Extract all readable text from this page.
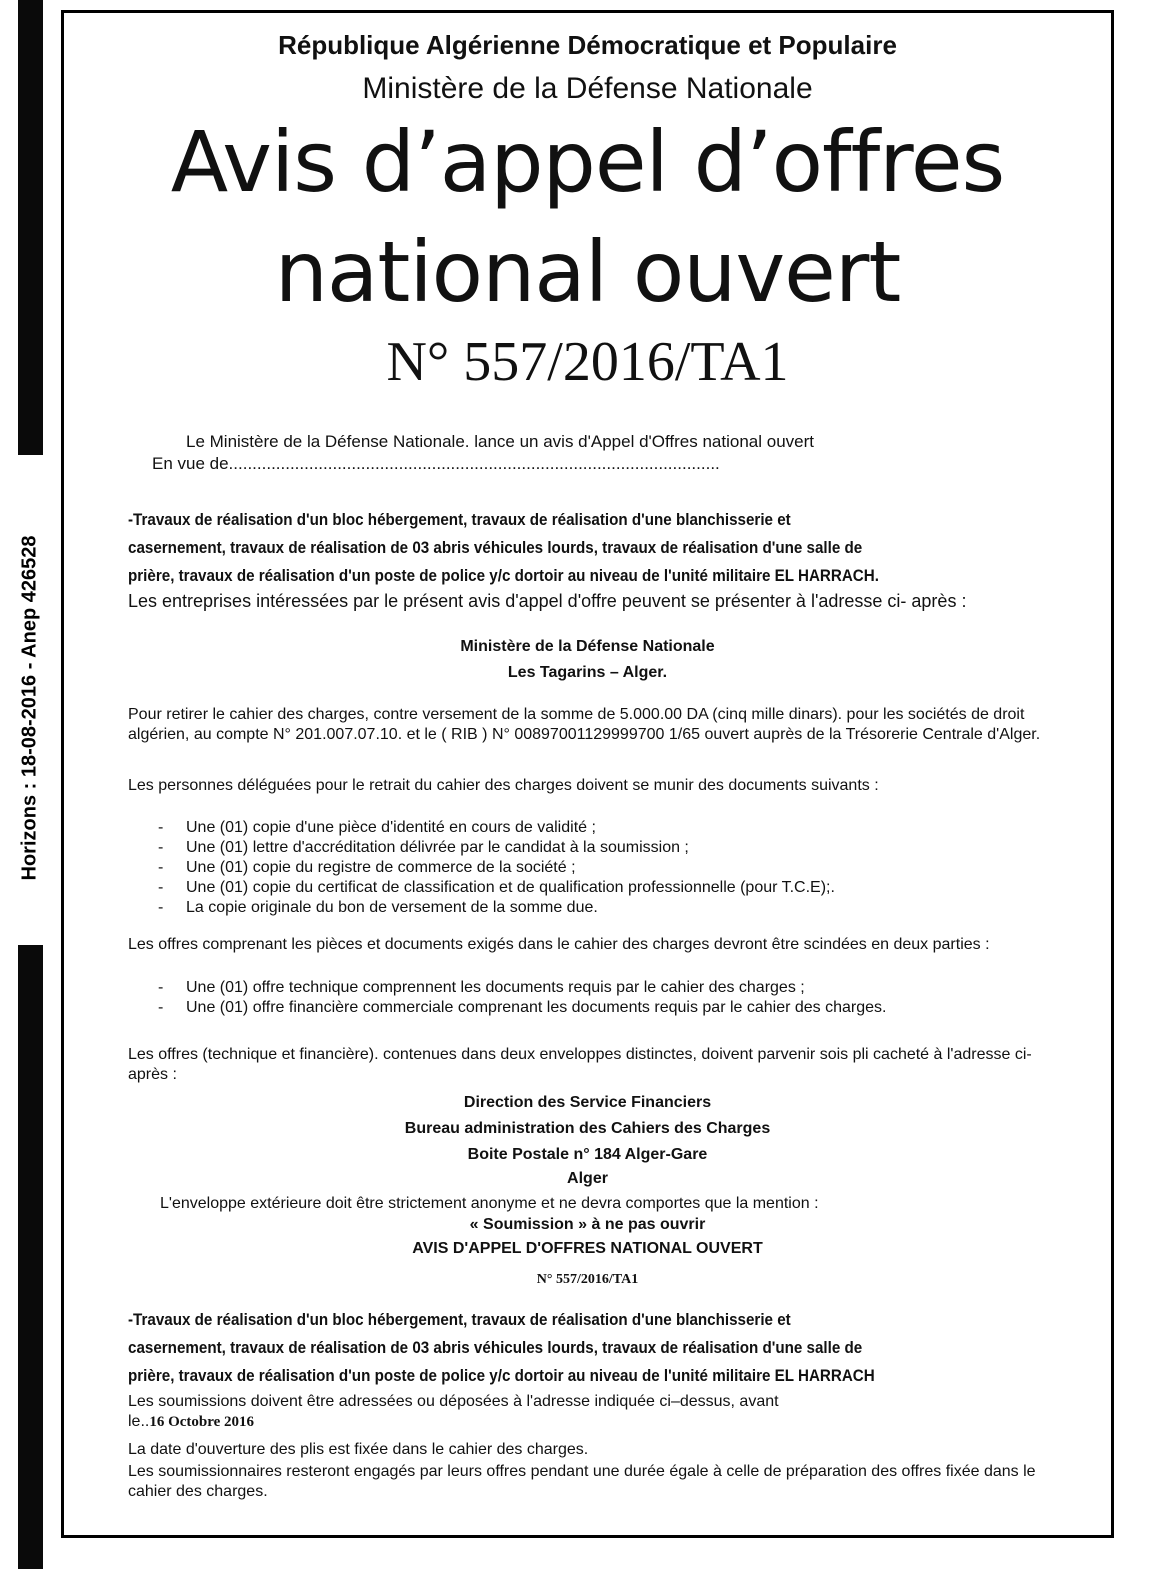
Horizons : 18-08-2016 - Anep 426528
République Algérienne Démocratique et Populaire
Ministère de la Défense Nationale
Avis d’appel d’offres
national ouvert
N° 557/2016/TA1
Le Ministère de la Défense Nationale. lance un avis d'Appel d'Offres national ouvert
En vue de........................................................................................................
-Travaux de réalisation d'un bloc hébergement, travaux de réalisation d'une blanchisserie et
casernement, travaux de réalisation de 03 abris véhicules lourds, travaux de réalisation d'une salle de
prière, travaux de réalisation d'un poste de police y/c dortoir au niveau de l'unité militaire EL HARRACH.
Les entreprises intéressées par le présent avis d'appel d'offre peuvent se présenter à l'adresse ci- après :
Ministère de la Défense Nationale
Les Tagarins – Alger.
Pour retirer le cahier des charges, contre versement de la somme de 5.000.00 DA (cinq mille dinars). pour les sociétés de droit algérien, au compte N° 201.007.07.10. et le ( RIB ) N° 00897001129999700 1/65 ouvert auprès de la Trésorerie Centrale d'Alger.
Les personnes déléguées pour le retrait du cahier des charges doivent se munir des documents suivants :
- Une (01) copie d'une pièce d'identité en cours de validité ;
- Une (01) lettre d'accréditation délivrée par le candidat à la soumission ;
- Une (01) copie du registre de commerce de la société ;
- Une (01) copie du certificat de classification et de qualification professionnelle (pour T.C.E);.
- La copie originale du bon de versement de la somme due.
Les offres comprenant les pièces et documents exigés dans le cahier des charges devront être scindées en deux parties :
- Une (01) offre technique comprennent les documents requis par le cahier des charges ;
- Une (01) offre financière commerciale comprenant les documents requis par le cahier des charges.
Les offres (technique et financière). contenues dans deux enveloppes distinctes, doivent parvenir sois pli cacheté à l'adresse ci-après :
Direction des Service Financiers
Bureau administration des Cahiers des Charges
Boite Postale n° 184 Alger-Gare
Alger
L'enveloppe extérieure doit être strictement anonyme et ne devra comportes que la mention :
« Soumission » à ne pas ouvrir
AVIS D'APPEL D'OFFRES NATIONAL OUVERT
N° 557/2016/TA1
-Travaux de réalisation d'un bloc hébergement, travaux de réalisation d'une blanchisserie et
casernement, travaux de réalisation de 03 abris véhicules lourds, travaux de réalisation d'une salle de
prière, travaux de réalisation d'un poste de police y/c dortoir au niveau de l'unité militaire EL HARRACH
Les soumissions doivent être adressées ou déposées à l'adresse indiquée ci–dessus, avant
le..16 Octobre 2016
La date d'ouverture des plis est fixée dans le cahier des charges.
Les soumissionnaires resteront engagés par leurs offres pendant une durée égale à celle de préparation des offres fixée dans le cahier des charges.
